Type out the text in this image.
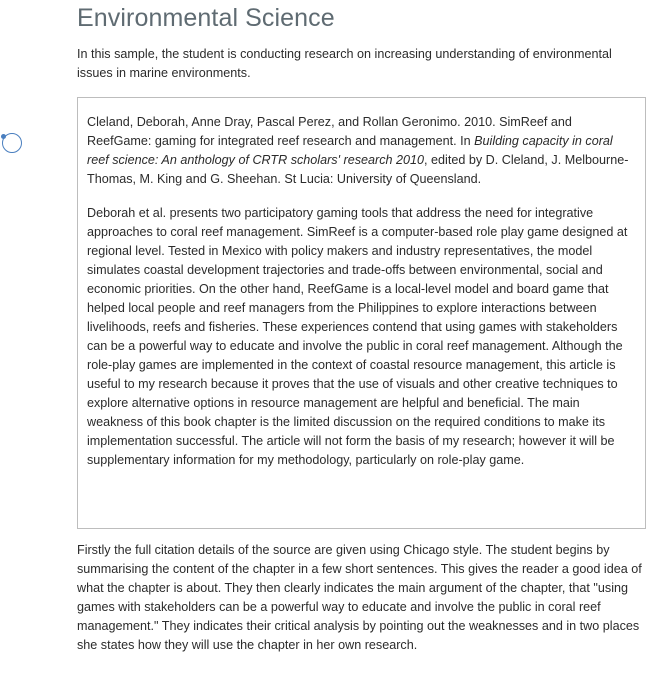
Environmental Science

In this sample, the student is conducting research on increasing understanding of environmental issues in marine environments.

Cleland, Deborah, Anne Dray, Pascal Perez, and Rollan Geronimo. 2010. SimReef and ReefGame: gaming for integrated reef research and management. In Building capacity in coral reef science: An anthology of CRTR scholars' research 2010, edited by D. Cleland, J. Melbourne-Thomas, M. King and G. Sheehan. St Lucia: University of Queensland.

Deborah et al. presents two participatory gaming tools that address the need for integrative approaches to coral reef management. SimReef is a computer-based role play game designed at regional level. Tested in Mexico with policy makers and industry representatives, the model simulates coastal development trajectories and trade-offs between environmental, social and economic priorities. On the other hand, ReefGame is a local-level model and board game that helped local people and reef managers from the Philippines to explore interactions between livelihoods, reefs and fisheries. These experiences contend that using games with stakeholders can be a powerful way to educate and involve the public in coral reef management. Although the role-play games are implemented in the context of coastal resource management, this article is useful to my research because it proves that the use of visuals and other creative techniques to explore alternative options in resource management are helpful and beneficial. The main weakness of this book chapter is the limited discussion on the required conditions to make its implementation successful. The article will not form the basis of my research; however it will be supplementary information for my methodology, particularly on role-play game.

Firstly the full citation details of the source are given using Chicago style. The student begins by summarising the content of the chapter in a few short sentences. This gives the reader a good idea of what the chapter is about. They then clearly indicates the main argument of the chapter, that "using games with stakeholders can be a powerful way to educate and involve the public in coral reef management." They indicates their critical analysis by pointing out the weaknesses and in two places she states how they will use the chapter in her own research.
